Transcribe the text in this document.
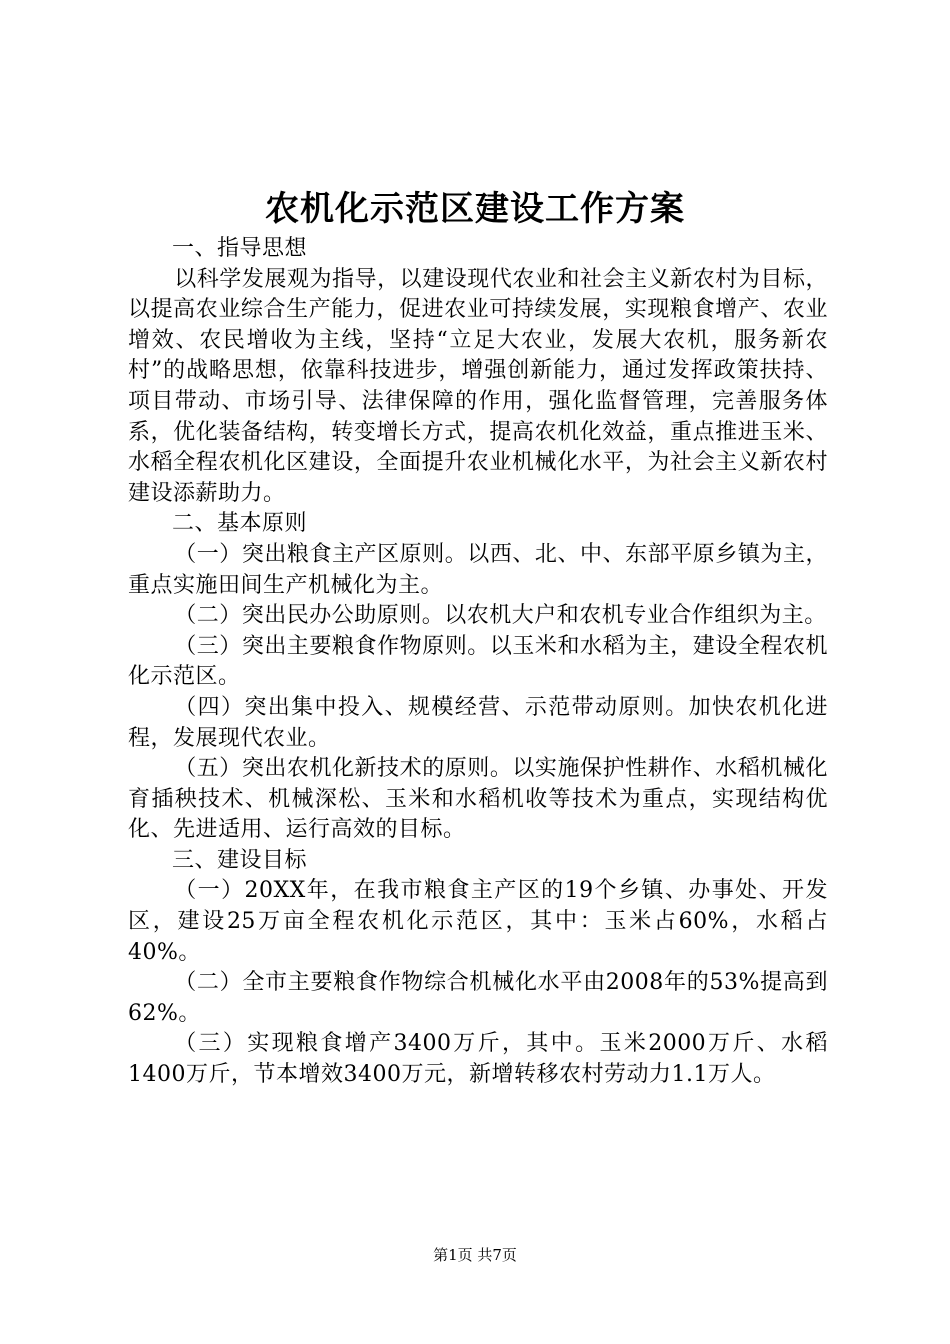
农机化示范区建设工作方案

一、指导思想

以科学发展观为指导，以建设现代农业和社会主义新农村为目标，以提高农业综合生产能力，促进农业可持续发展，实现粮食增产、农业增效、农民增收为主线，坚持“立足大农业，发展大农机，服务新农村”的战略思想，依靠科技进步，增强创新能力，通过发挥政策扶持、项目带动、市场引导、法律保障的作用，强化监督管理，完善服务体系，优化装备结构，转变增长方式，提高农机化效益，重点推进玉米、水稻全程农机化区建设，全面提升农业机械化水平，为社会主义新农村建设添薪助力。

二、基本原则

（一）突出粮食主产区原则。以西、北、中、东部平原乡镇为主，重点实施田间生产机械化为主。

（二）突出民办公助原则。以农机大户和农机专业合作组织为主。

（三）突出主要粮食作物原则。以玉米和水稻为主，建设全程农机化示范区。

（四）突出集中投入、规模经营、示范带动原则。加快农机化进程，发展现代农业。

（五）突出农机化新技术的原则。以实施保护性耕作、水稻机械化育插秧技术、机械深松、玉米和水稻机收等技术为重点，实现结构优化、先进适用、运行高效的目标。

三、建设目标

（一）20XX年，在我市粮食主产区的19个乡镇、办事处、开发区，建设25万亩全程农机化示范区，其中：玉米占60%，水稻占40%。

（二）全市主要粮食作物综合机械化水平由2008年的53%提高到62%。

（三）实现粮食增产3400万斤，其中。玉米2000万斤、水稻1400万斤，节本增效3400万元，新增转移农村劳动力1.1万人。

第1页 共7页
